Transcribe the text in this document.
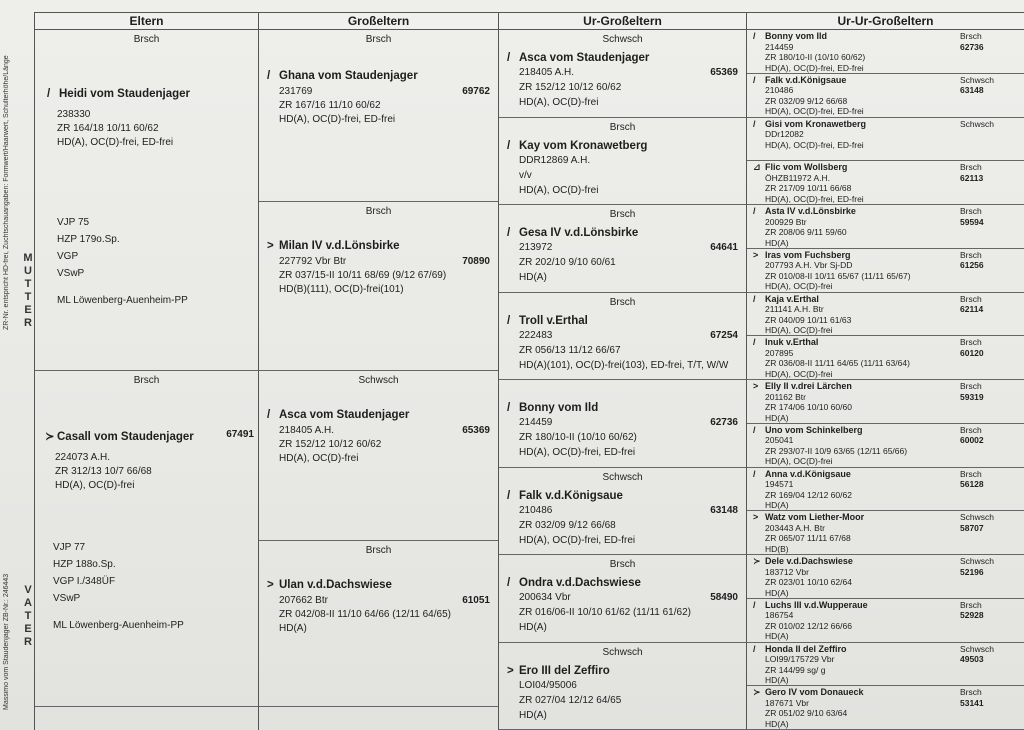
ZR-Nr. entspricht HD-frei, Zuchtschauangaben: Formwert/Haarwert, Schulterhöhe/Länge
Massimo vom Staudenjager ZB-Nr.: 246443
M
U
T
T
E
R
V
A
T
E
R
Eltern
Brsch
/ Heidi vom Staudenjager
238330
ZR 164/18 10/11 60/62
HD(A), OC(D)-frei, ED-frei
VJP 75
HZP 179o.Sp.
VGP
VSwP
ML Löwenberg-Auenheim-PP
Brsch
≻ Casall vom Staudenjager	67491
224073 A.H.
ZR 312/13 10/7 66/68
HD(A), OC(D)-frei
VJP 77
HZP 188o.Sp.
VGP I./348ÜF
VSwP
ML Löwenberg-Auenheim-PP
Großeltern
Brsch
/ Ghana vom Staudenjager
231769	69762
ZR 167/16 11/10 60/62
HD(A), OC(D)-frei, ED-frei
Brsch
> Milan IV v.d.Lönsbirke
227792 Vbr Btr	70890
ZR 037/15-II 10/11 68/69 (9/12 67/69)
HD(B)(111), OC(D)-frei(101)
Schwsch
/ Asca vom Staudenjager
218405 A.H.	65369
ZR 152/12 10/12 60/62
HD(A), OC(D)-frei
Brsch
> Ulan v.d.Dachswiese
207662 Btr	61051
ZR 042/08-II 11/10 64/66 (12/11 64/65)
HD(A)
Ur-Großeltern
Schwsch
/ Asca vom Staudenjager
218405 A.H.	65369
ZR 152/12 10/12 60/62
HD(A), OC(D)-frei
Brsch
/ Kay vom Kronawetberg
DDR12869 A.H.
v/v
HD(A), OC(D)-frei
Brsch
/ Gesa IV v.d.Lönsbirke
213972	64641
ZR 202/10 9/10 60/61
HD(A)
Brsch
/ Troll v.Erthal
222483	67254
ZR 056/13 11/12 66/67
HD(A)(101), OC(D)-frei(103), ED-frei, T/T, W/W
/ Bonny vom Ild
214459	62736
ZR 180/10-II (10/10 60/62)
HD(A), OC(D)-frei, ED-frei
Schwsch
/ Falk v.d.Königsaue
210486	63148
ZR 032/09 9/12 66/68
HD(A), OC(D)-frei, ED-frei
Brsch
/ Ondra v.d.Dachswiese
200634 Vbr	58490
ZR 016/06-II 10/10 61/62 (11/11 61/62)
HD(A)
Schwsch
> Ero III del Zeffiro
LOI04/95006
ZR 027/04 12/12 64/65
HD(A)
Ur-Ur-Großeltern
/ Bonny vom Ild	Brsch
214459	62736
ZR 180/10-II (10/10 60/62)
HD(A), OC(D)-frei, ED-frei
/ Falk v.d.Königsaue	Schwsch
210486	63148
ZR 032/09 9/12 66/68
HD(A), OC(D)-frei, ED-frei
/ Gisi vom Kronawetberg	Schwsch
DDr12082
HD(A), OC(D)-frei, ED-frei
⊿ Flic vom Wollsberg	Brsch
ÖHZB11972 A.H.	62113
ZR 217/09 10/11 66/68
HD(A), OC(D)-frei, ED-frei
/ Asta IV v.d.Lönsbirke	Brsch
200929 Btr	59594
ZR 208/06 9/11 59/60
HD(A)
> Iras vom Fuchsberg	Brsch
207793 A.H. Vbr Sj-DD	61256
ZR 010/08-II 10/11 65/67 (11/11 65/67)
HD(A), OC(D)-frei
/ Kaja v.Erthal	Brsch
211141 A.H. Btr	62114
ZR 040/09 10/11 61/63
HD(A), OC(D)-frei
/ Inuk v.Erthal	Brsch
207895	60120
ZR 036/08-II 11/11 64/65 (11/11 63/64)
HD(A), OC(D)-frei
> Elly II v.drei Lärchen	Brsch
201162 Btr	59319
ZR 174/06 10/10 60/60
HD(A)
/ Uno vom Schinkelberg	Brsch
205041	60002
ZR 293/07-II 10/9 63/65 (12/11 65/66)
HD(A), OC(D)-frei
/ Anna v.d.Königsaue	Brsch
194571	56128
ZR 169/04 12/12 60/62
HD(A)
> Watz vom Liether-Moor	Schwsch
203443 A.H. Btr	58707
ZR 065/07 11/11 67/68
HD(B)
≻ Dele v.d.Dachswiese	Schwsch
183712 Vbr	52196
ZR 023/01 10/10 62/64
HD(A)
/ Luchs III v.d.Wupperaue	Brsch
186754	52928
ZR 010/02 12/12 66/66
HD(A)
/ Honda II del Zeffiro	Schwsch
LOI99/175729 Vbr	49503
ZR 144/99 sg/ g
HD(A)
≻ Gero IV vom Donaueck	Brsch
187671 Vbr	53141
ZR 051/02 9/10 63/64
HD(A)
